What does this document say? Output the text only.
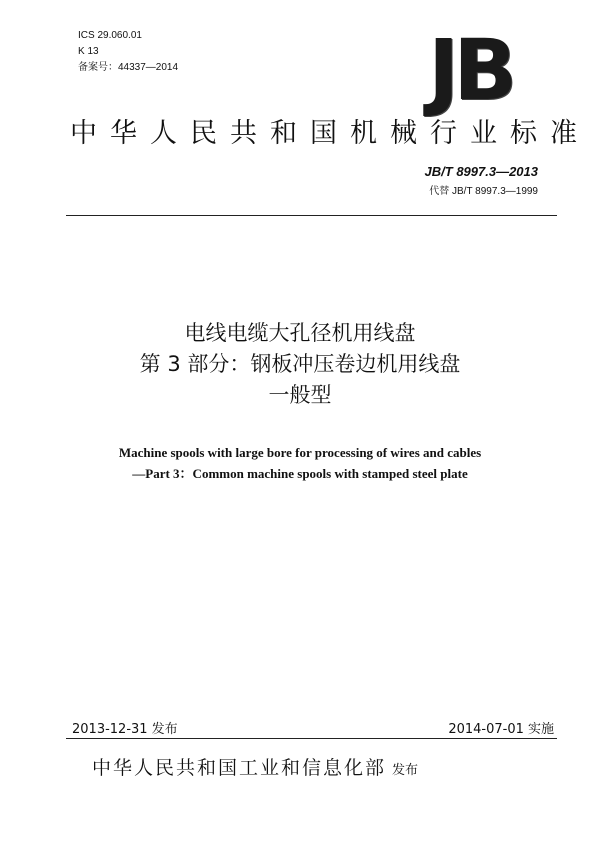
ICS 29.060.01
K 13
备案号：44337—2014	JB
中华人民共和国机械行业标准
JB/T 8997.3—2013
代替 JB/T 8997.3—1999
电线电缆大孔径机用线盘
第 3 部分：钢板冲压卷边机用线盘
一般型
Machine spools with large bore for processing of wires and cables
—Part 3：Common machine spools with stamped steel plate
2013-12-31 发布	2014-07-01 实施
中华人民共和国工业和信息化部 发布
